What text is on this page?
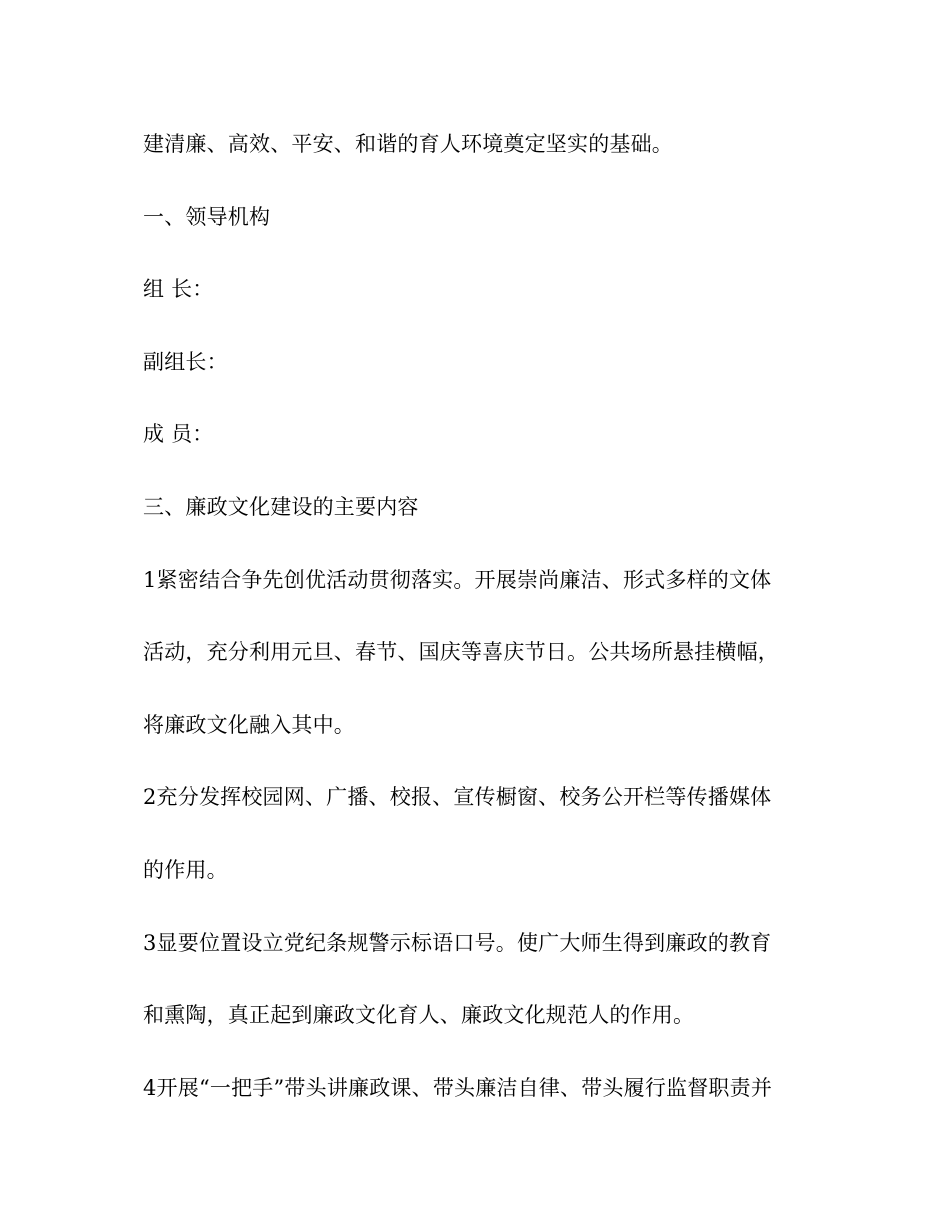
建清廉、高效、平安、和谐的育人环境奠定坚实的基础。
一、领导机构
组 长：
副组长：
成 员：
三、廉政文化建设的主要内容
1紧密结合争先创优活动贯彻落实。开展崇尚廉洁、形式多样的文体
活动，充分利用元旦、春节、国庆等喜庆节日。公共场所悬挂横幅，
将廉政文化融入其中。
2充分发挥校园网、广播、校报、宣传橱窗、校务公开栏等传播媒体
的作用。
3显要位置设立党纪条规警示标语口号。使广大师生得到廉政的教育
和熏陶，真正起到廉政文化育人、廉政文化规范人的作用。
4开展“一把手”带头讲廉政课、带头廉洁自律、带头履行监督职责并
